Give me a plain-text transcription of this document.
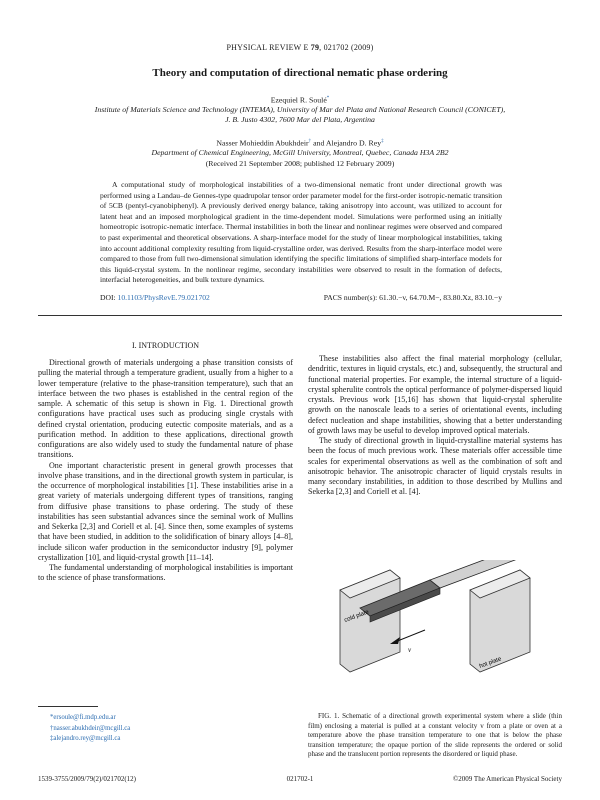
PHYSICAL REVIEW E 79, 021702 (2009)
Theory and computation of directional nematic phase ordering
Ezequiel R. Soulé*
Institute of Materials Science and Technology (INTEMA), University of Mar del Plata and National Research Council (CONICET),
J. B. Justo 4302, 7600 Mar del Plata, Argentina
Nasser Mohieddin Abukhdeir† and Alejandro D. Rey‡
Department of Chemical Engineering, McGill University, Montreal, Quebec, Canada H3A 2B2
(Received 21 September 2008; published 12 February 2009)

A computational study of morphological instabilities of a two-dimensional nematic front under directional growth was performed using a Landau–de Gennes-type quadrupolar tensor order parameter model for the first-order isotropic-nematic transition of 5CB (pentyl-cyanobiphenyl). A previously derived energy balance, taking anisotropy into account, was utilized to account for latent heat and an imposed morphological gradient in the time-dependent model. Simulations were performed using an initially homeotropic isotropic-nematic interface. Thermal instabilities in both the linear and nonlinear regimes were observed and compared to past experimental and theoretical observations. A sharp-interface model for the study of linear morphological instabilities, taking into account additional complexity resulting from liquid-crystalline order, was derived. Results from the sharp-interface model were compared to those from full two-dimensional simulation identifying the specific limitations of simplified sharp-interface models for this liquid-crystal system. In the nonlinear regime, secondary instabilities were observed to result in the formation of defects, interfacial heterogeneities, and bulk texture dynamics.

DOI: 10.1103/PhysRevE.79.021702	PACS number(s): 61.30.−v, 64.70.M−, 83.80.Xz, 83.10.−y
I. INTRODUCTION

Directional growth of materials undergoing a phase transition consists of pulling the material through a temperature gradient, usually from a higher to a lower temperature (relative to the phase-transition temperature), such that an interface between the two phases is established in the central region of the sample. A schematic of this setup is shown in Fig. 1. Directional growth configurations have practical uses such as producing single crystals with defined crystal orientation, producing eutectic composite materials, and as a purification method. In addition to these applications, directional growth configurations are also widely used to study the fundamental nature of phase transitions.

One important characteristic present in general growth processes that involve phase transitions, and in the directional growth system in particular, is the occurrence of morphological instabilities [1]. These instabilities arise in a great variety of materials undergoing different types of transitions, ranging from diffusive phase transitions to phase ordering. The study of these instabilities has seen substantial advances since the seminal work of Mullins and Sekerka [2,3] and Coriell et al. [4]. Since then, some examples of systems that have been studied, in addition to the solidification of binary alloys [4–8], include silicon wafer production in the semiconductor industry [9], polymer crystallization [10], and liquid-crystal growth [11–14].

The fundamental understanding of morphological instabilities is important to the science of phase transformations.

These instabilities also affect the final material morphology (cellular, dendritic, textures in liquid crystals, etc.) and, subsequently, the structural and functional material properties. For example, the internal structure of a liquid-crystal spherulite controls the optical performance of polymer-dispersed liquid crystals. Previous work [15,16] has shown that liquid-crystal spherulite growth on the nanoscale leads to a series of orientational events, including defect nucleation and shape instabilities, showing that a better understanding of growth laws may be useful to develop improved optical materials.

The study of directional growth in liquid-crystalline material systems has been the focus of much previous work. These materials offer accessible time scales for experimental observations as well as the combination of soft and anisotropic behavior. The anisotropic character of liquid crystals results in many secondary instabilities, in addition to those described by Mullins and Sekerka [2,3] and Coriell et al. [4].

v
cold plate
hot plate

FIG. 1. Schematic of a directional growth experimental system where a slide (thin film) enclosing a material is pulled at a constant velocity v from a plate or oven at a temperature above the phase transition temperature to one that is below the phase transition temperature; the opaque portion of the slide represents the ordered or solid phase and the translucent portion represents the disordered or liquid phase.

*ersoule@fi.mdp.edu.ar
†nasser.abukhdeir@mcgill.ca
‡alejandro.rey@mcgill.ca
1539-3755/2009/79(2)/021702(12)	021702-1	©2009 The American Physical Society
